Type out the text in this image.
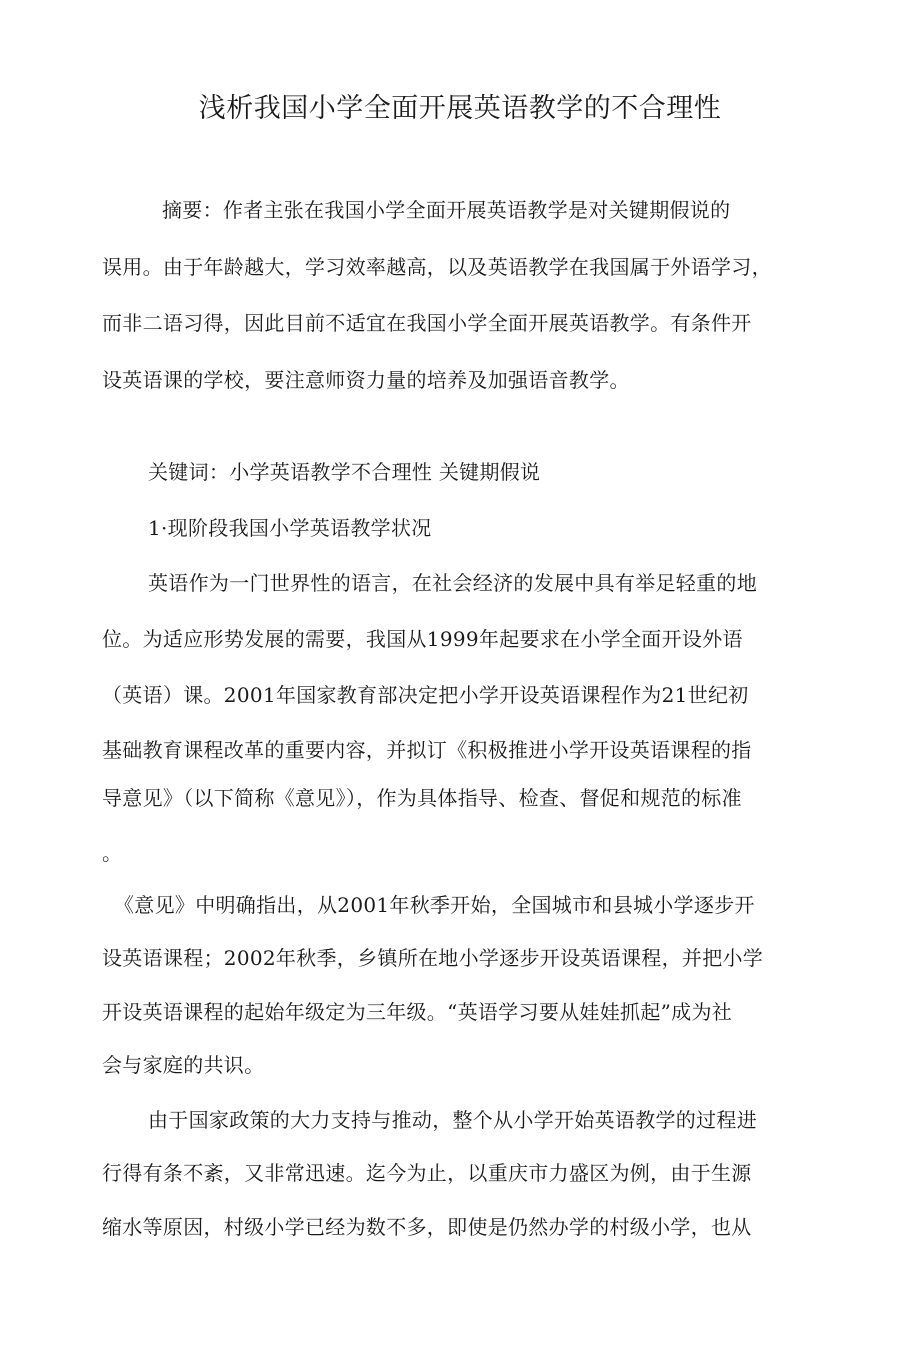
浅析我国小学全面开展英语教学的不合理性

摘要：作者主张在我国小学全面开展英语教学是对关键期假说的

误用。由于年龄越大，学习效率越高，以及英语教学在我国属于外语学习，

而非二语习得，因此目前不适宜在我国小学全面开展英语教学。有条件开

设英语课的学校，要注意师资力量的培养及加强语音教学。

关键词：小学英语教学不合理性 关键期假说

1·现阶段我国小学英语教学状况

英语作为一门世界性的语言，在社会经济的发展中具有举足轻重的地

位。为适应形势发展的需要，我国从1999年起要求在小学全面开设外语

（英语）课。2001年国家教育部决定把小学开设英语课程作为21世纪初

基础教育课程改革的重要内容，并拟订《积极推进小学开设英语课程的指

导意见》（以下简称《意见》），作为具体指导、检查、督促和规范的标准

。

《意见》中明确指出，从2001年秋季开始，全国城市和县城小学逐步开

设英语课程；2002年秋季，乡镇所在地小学逐步开设英语课程，并把小学

开设英语课程的起始年级定为三年级。“英语学习要从娃娃抓起”成为社

会与家庭的共识。

由于国家政策的大力支持与推动，整个从小学开始英语教学的过程进

行得有条不紊，又非常迅速。迄今为止，以重庆市力盛区为例，由于生源

缩水等原因，村级小学已经为数不多，即使是仍然办学的村级小学，也从
